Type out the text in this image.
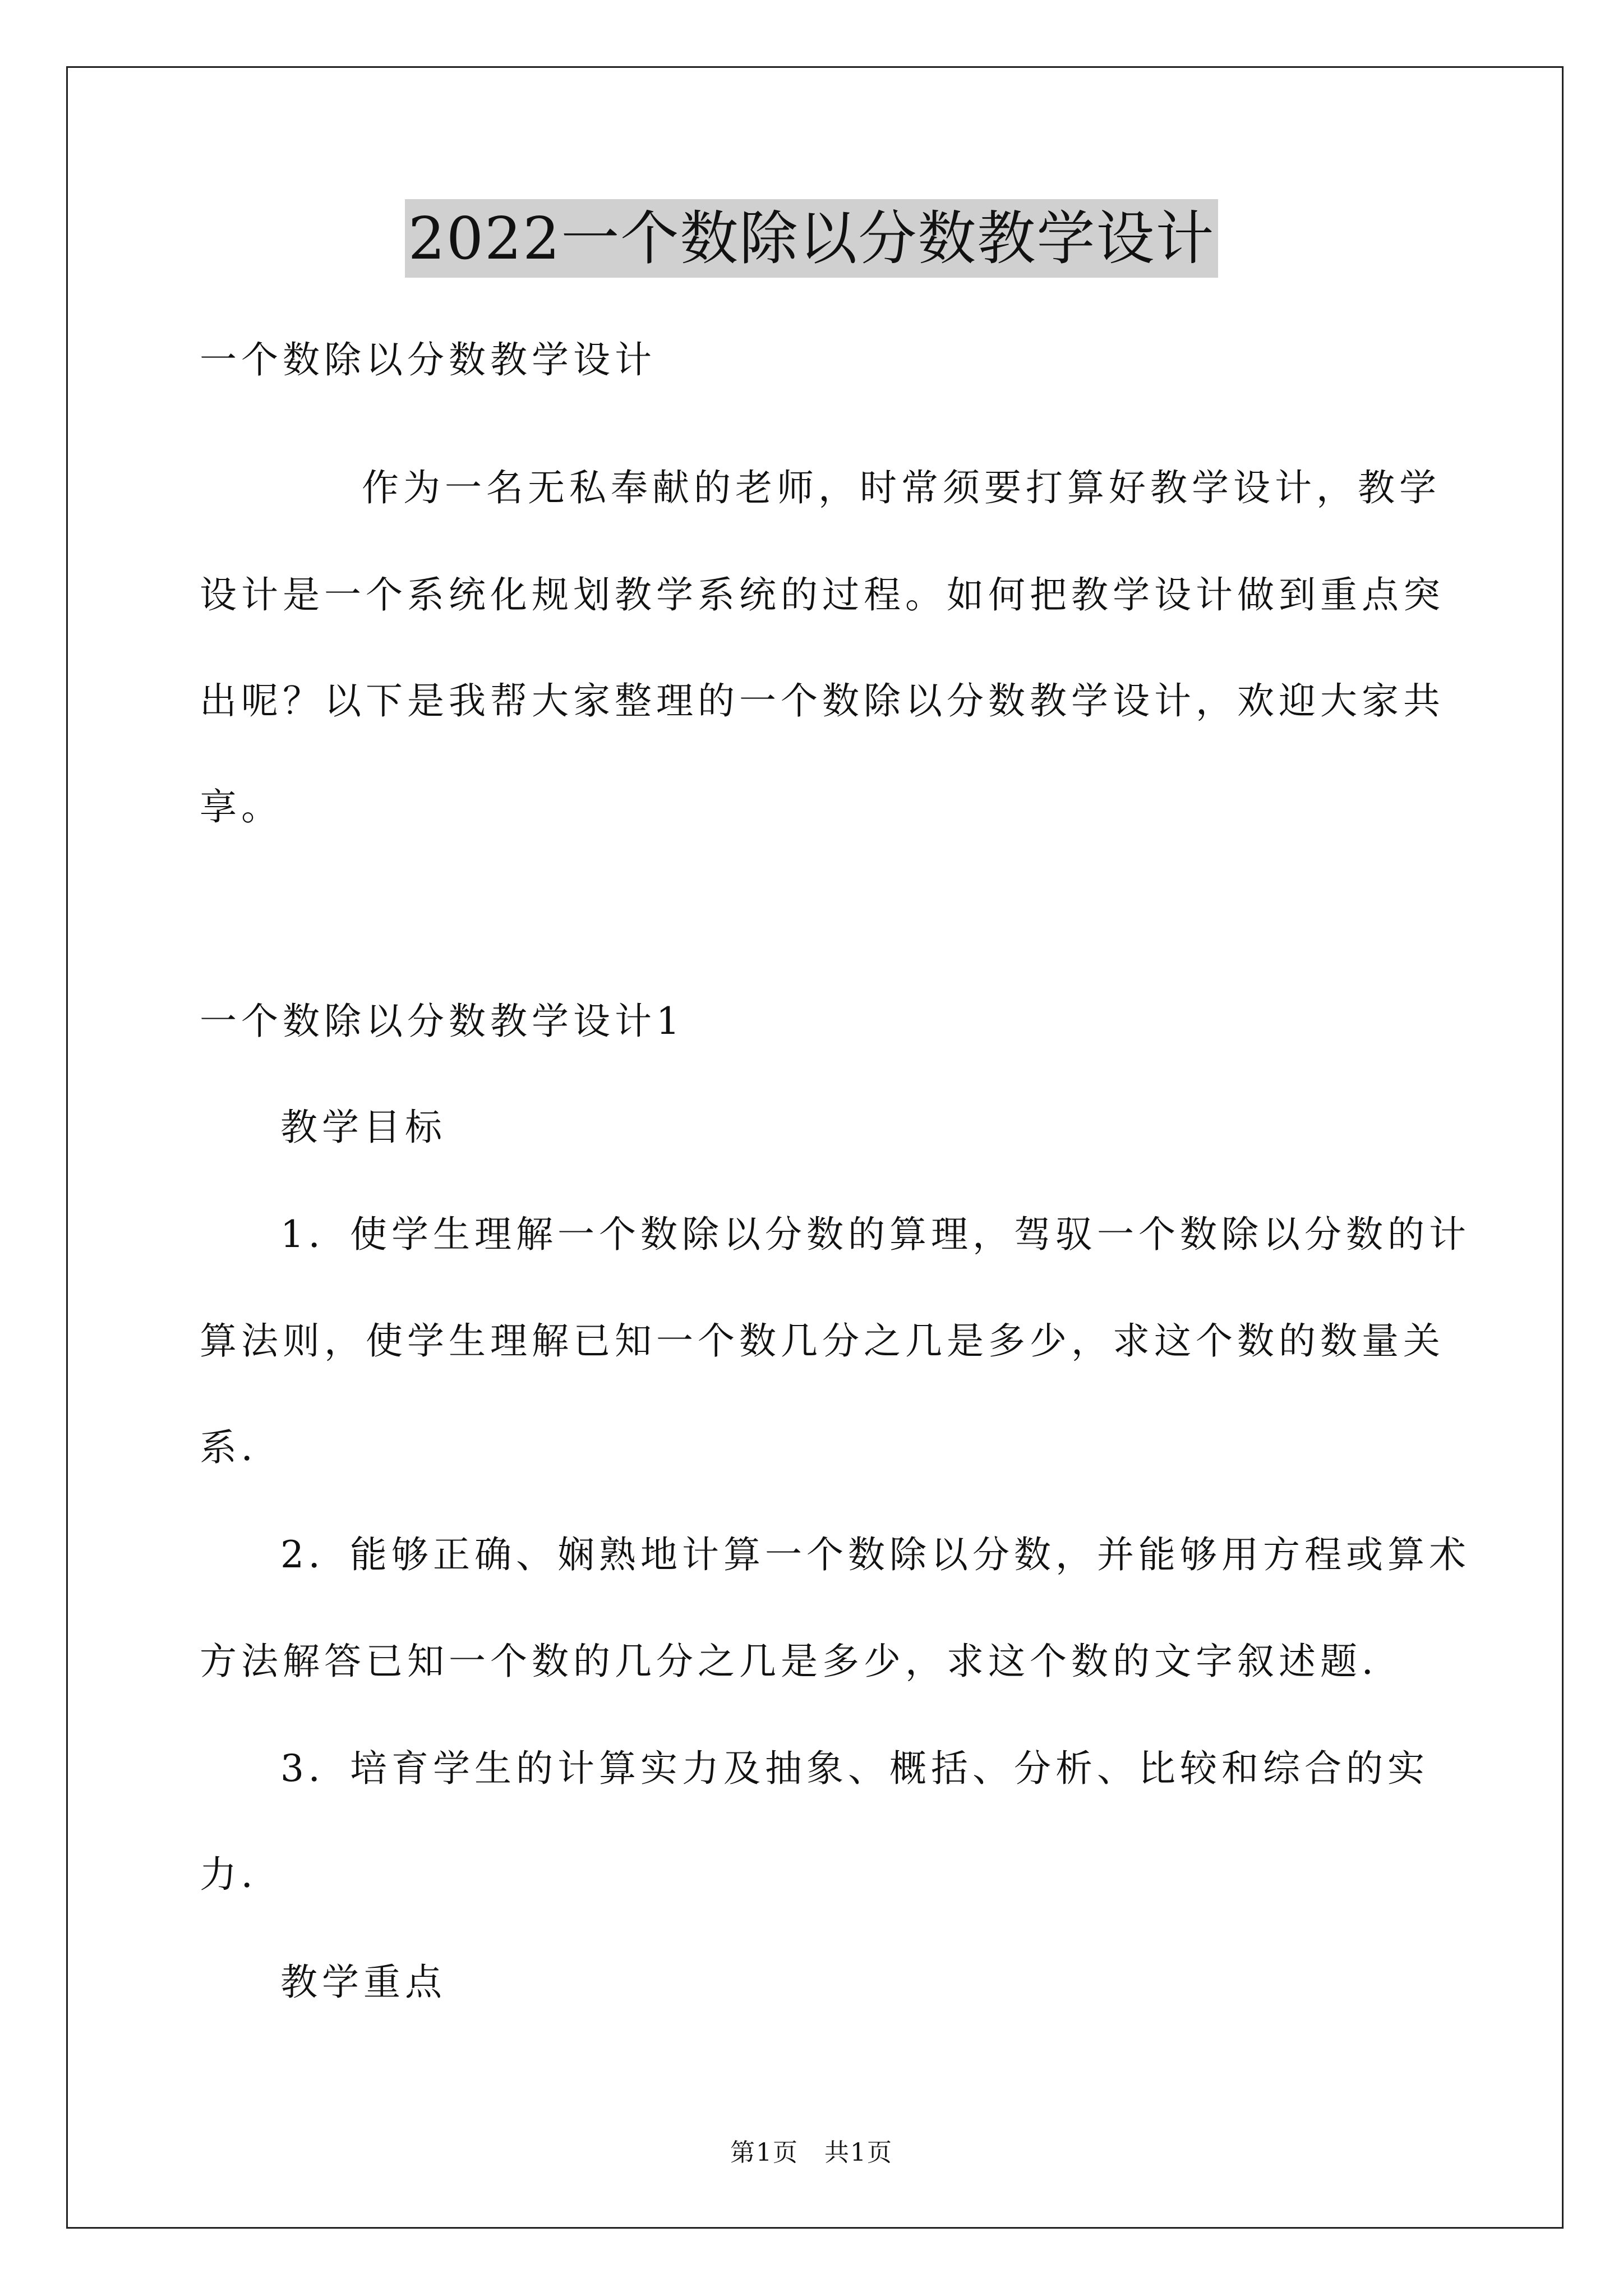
2022一个数除以分数教学设计
一个数除以分数教学设计
作为一名无私奉献的老师，时常须要打算好教学设计，教学
设计是一个系统化规划教学系统的过程。如何把教学设计做到重点突
出呢？以下是我帮大家整理的一个数除以分数教学设计，欢迎大家共
享。
一个数除以分数教学设计1
教学目标
1．使学生理解一个数除以分数的算理，驾驭一个数除以分数的计
算法则，使学生理解已知一个数几分之几是多少，求这个数的数量关
系．
2．能够正确、娴熟地计算一个数除以分数，并能够用方程或算术
方法解答已知一个数的几分之几是多少，求这个数的文字叙述题．
3．培育学生的计算实力及抽象、概括、分析、比较和综合的实
力．
教学重点
第1页　共1页
